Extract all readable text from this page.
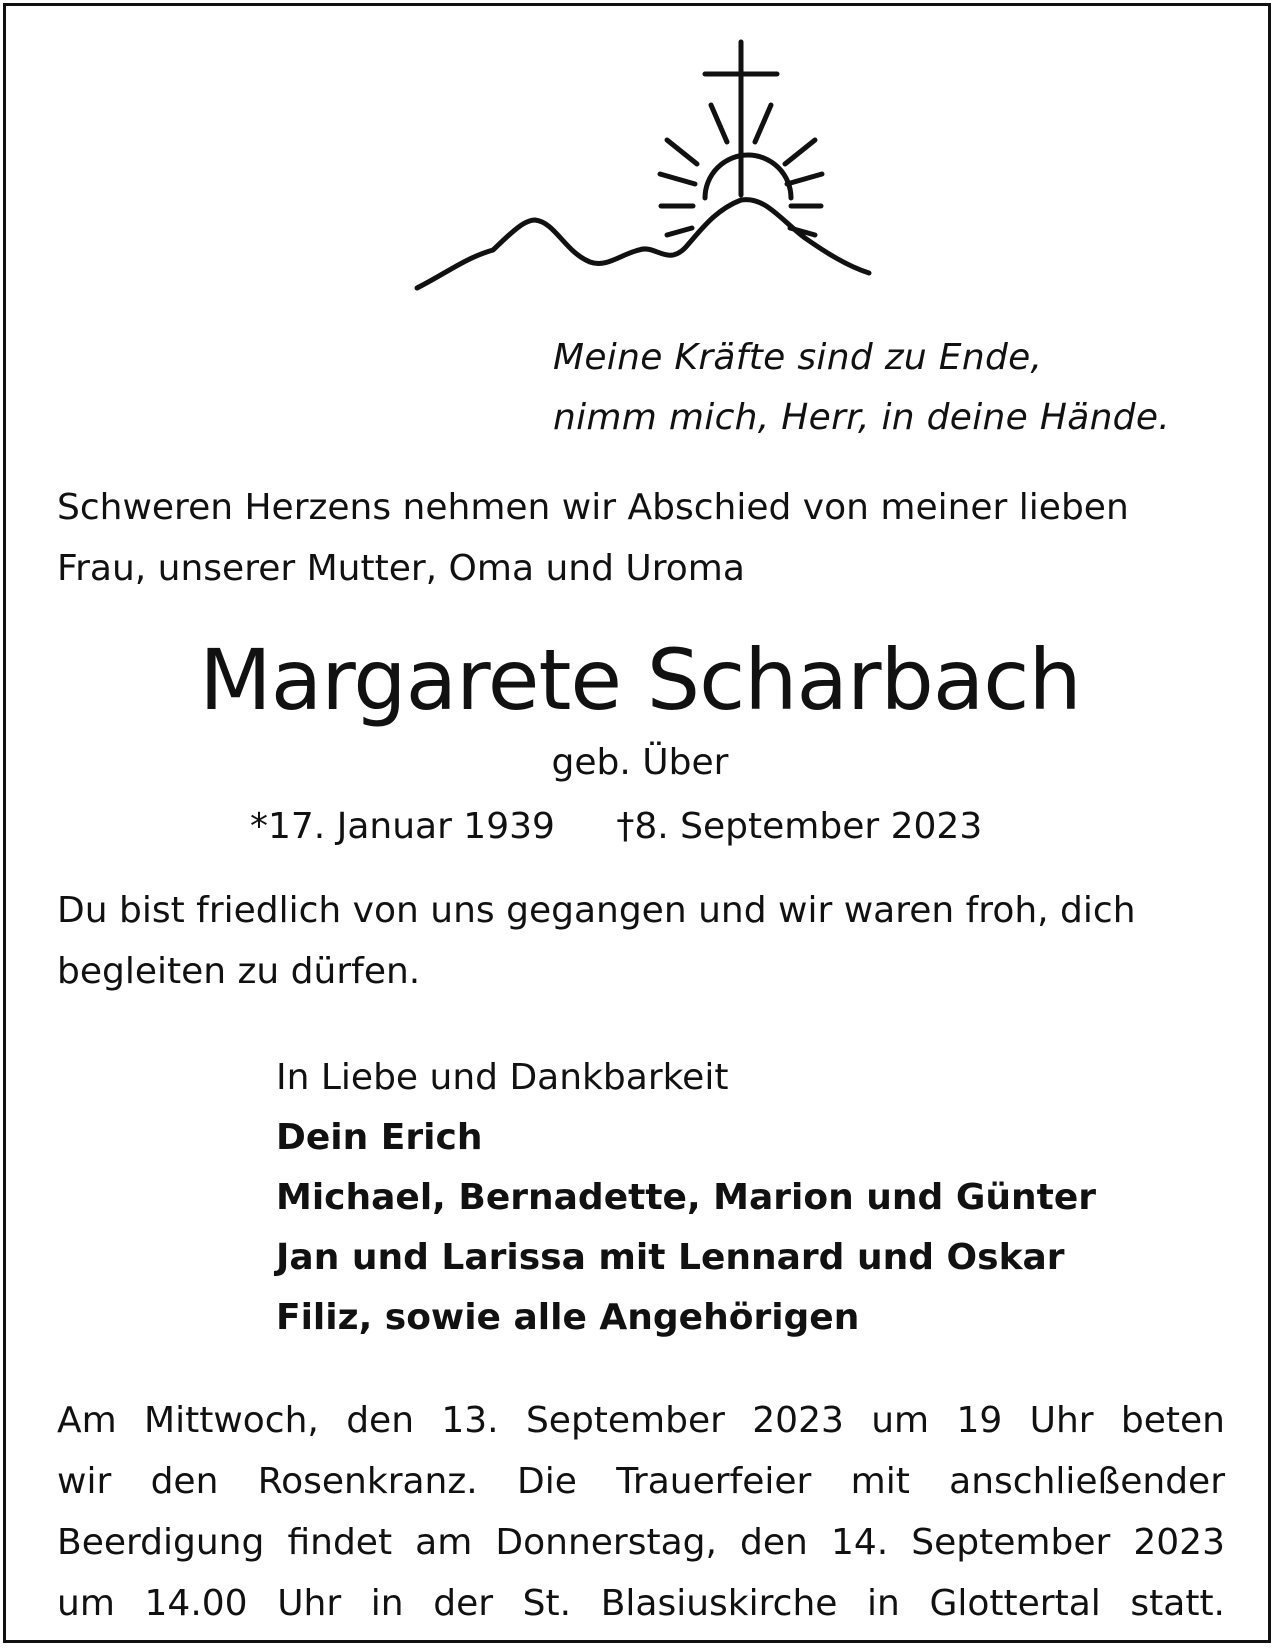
Meine Kräfte sind zu Ende,
nimm mich, Herr, in deine Hände.
Schweren Herzens nehmen wir Abschied von meiner lieben
Frau, unserer Mutter, Oma und Uroma
Margarete Scharbach
geb. Über
*17. Januar 1939 †8. September 2023
Du bist friedlich von uns gegangen und wir waren froh, dich
begleiten zu dürfen.
In Liebe und Dankbarkeit
Dein Erich
Michael, Bernadette, Marion und Günter
Jan und Larissa mit Lennard und Oskar
Filiz, sowie alle Angehörigen
Am Mittwoch, den 13. September 2023 um 19 Uhr beten
wir den Rosenkranz. Die Trauerfeier mit anschließender
Beerdigung findet am Donnerstag, den 14. September 2023
um 14.00 Uhr in der St. Blasiuskirche in Glottertal statt.
